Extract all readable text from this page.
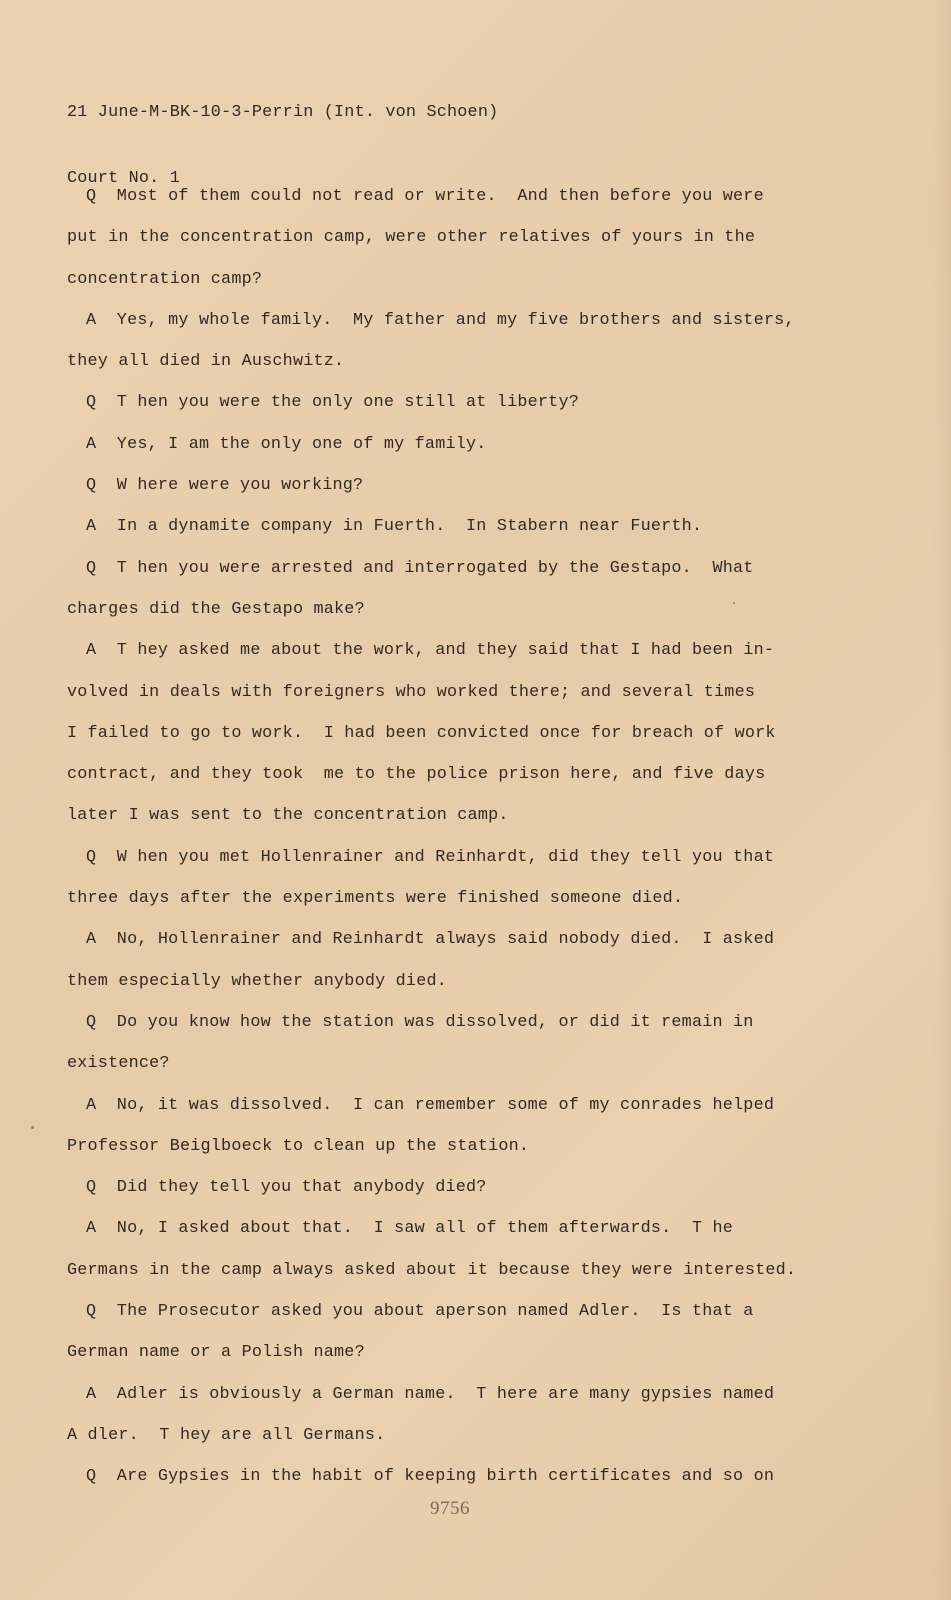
21 June-M-BK-10-3-Perrin (Int. von Schoen)

Court No. 1

Q  Most of them could not read or write.  And then before you were
put in the concentration camp, were other relatives of yours in the
concentration camp?
A  Yes, my whole family.  My father and my five brothers and sisters,
they all died in Auschwitz.
Q  T hen you were the only one still at liberty?
A  Yes, I am the only one of my family.
Q  W here were you working?
A  In a dynamite company in Fuerth.  In Stabern near Fuerth.
Q  T hen you were arrested and interrogated by the Gestapo.  What
charges did the Gestapo make?
A  T hey asked me about the work, and they said that I had been in-
volved in deals with foreigners who worked there; and several times
I failed to go to work.  I had been convicted once for breach of work
contract, and they took  me to the police prison here, and five days
later I was sent to the concentration camp.
Q  W hen you met Hollenrainer and Reinhardt, did they tell you that
three days after the experiments were finished someone died.
A  No, Hollenrainer and Reinhardt always said nobody died.  I asked
them especially whether anybody died.
Q  Do you know how the station was dissolved, or did it remain in
existence?
A  No, it was dissolved.  I can remember some of my conrades helped
Professor Beiglboeck to clean up the station.
Q  Did they tell you that anybody died?
A  No, I asked about that.  I saw all of them afterwards.  T he
Germans in the camp always asked about it because they were interested.
Q  The Prosecutor asked you about aperson named Adler.  Is that a
German name or a Polish name?
A  Adler is obviously a German name.  T here are many gypsies named
A dler.  T hey are all Germans.
Q  Are Gypsies in the habit of keeping birth certificates and so on
9756
